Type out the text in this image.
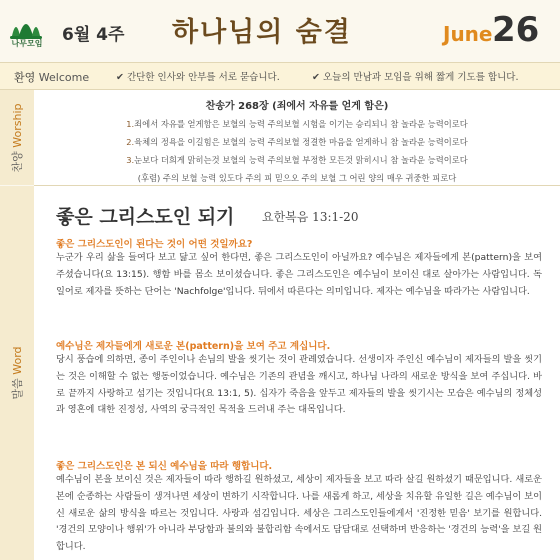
나무모임 6월 4주 하나님의 숨결	June 26
환영 Welcome	✔ 간단한 인사와 안부를 서로 묻습니다.	✔ 오늘의 만남과 모임을 위해 짧게 기도를 합니다.
찬양 Worship	찬송가 268장 (죄에서 자유를 얻게 함은)
1.죄에서 자유를 얻게함은 보혈의 능력 주의보혈 시험을 이기는 승리되니 참 놀라운 능력이로다
2.육체의 정욕을 이길힘은 보혈의 능력 주의보혈 정결한 마음을 얻게하니 참 놀라운 능력이로다
3.눈보다 더희게 맑히는것 보혈의 능력 주의보혈 부정한 모든것 맑히시니 참 놀라운 능력이로다
(후렴) 주의 보혈 능력 있도다 주의 피 믿으오 주의 보혈 그 어린 양의 매우 귀중한 피로다
말씀 Word
좋은 그리스도인 되기 요한복음 13:1-20
좋은 그리스도인이 된다는 것이 어떤 것일까요?
누군가 우리 삶을 들여다 보고 닮고 싶어 한다면, 좋은 그리스도인이 아닐까요? 예수님은 제자들에게 본(pattern)을 보여 주셨습니다(요 13:15). 행함 바를 몸소 보이셨습니다. 좋은 그리스도인은 예수님이 보이신 대로 살아가는 사람입니다. 독일어로 제자를 뜻하는 단어는 'Nachfolge'입니다. 뒤에서 따른다는 의미입니다. 제자는 예수님을 따라가는 사람입니다.
예수님은 제자들에게 새로운 본(pattern)을 보여 주고 계십니다.
당시 풍습에 의하면, 종이 주인이나 손님의 발을 씻기는 것이 관례였습니다. 선생이자 주인신 예수님이 제자들의 발을 씻기는 것은 이해할 수 없는 행동이었습니다. 예수님은 기존의 관념을 깨시고, 하나님 나라의 새로운 방식을 보여 주십니다. 바로 끝까지 사랑하고 섬기는 것입니다(요 13:1, 5). 십자가 죽음을 앞두고 제자들의 발을 씻기시는 모습은 예수님의 정체성과 영혼에 대한 진정성, 사역의 궁극적인 목적을 드러내 주는 대목입니다.
좋은 그리스도인은 본 되신 예수님을 따라 행합니다.
예수님이 본을 보이신 것은 제자들이 따라 행하길 원하셨고, 세상이 제자들을 보고 따라 살길 원하셨기 때문입니다. 새로운 본에 순종하는 사람들이 생겨나면 세상이 변하기 시작합니다. 나를 새롭게 하고, 세상을 치유할 유일한 길은 예수님이 보이신 새로운 삶의 방식을 따르는 것입니다. 사랑과 섬김입니다. 세상은 그리스도인들에게서 '진정한 믿음' 보기를 원합니다. '경건의 모양이나 행위'가 아니라 부당함과 불의와 불합리함 속에서도 담담대로 선택하며 반응하는 '경건의 능력'을 보길 원합니다.
